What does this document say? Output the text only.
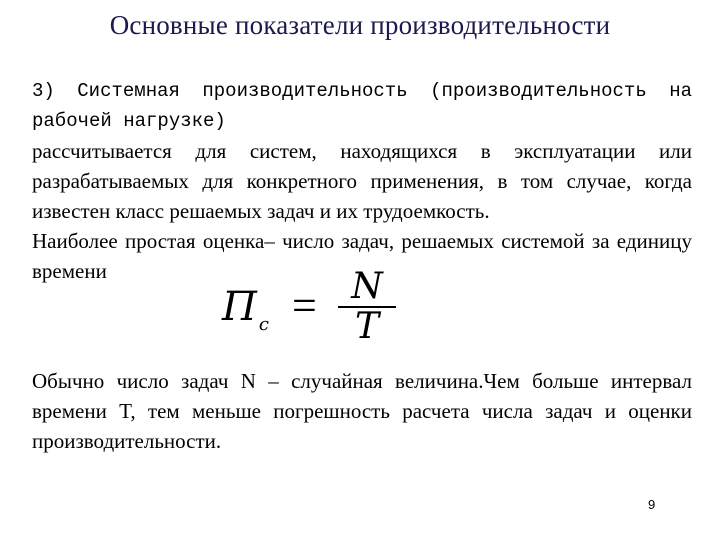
Основные показатели производительности

3) Системная производительность (производительность на рабочей нагрузке)

рассчитывается для систем, находящихся в эксплуатации или разрабатываемых для конкретного применения, в том случае, когда известен класс решаемых задач и их трудоемкость.

Наиболее простая оценка– число задач, решаемых системой за единицу времени

П $_c$ = N
T

Обычно число задач N – случайная величина.Чем больше интервал времени T, тем меньше погрешность расчета числа задач и оценки производительности.

9
